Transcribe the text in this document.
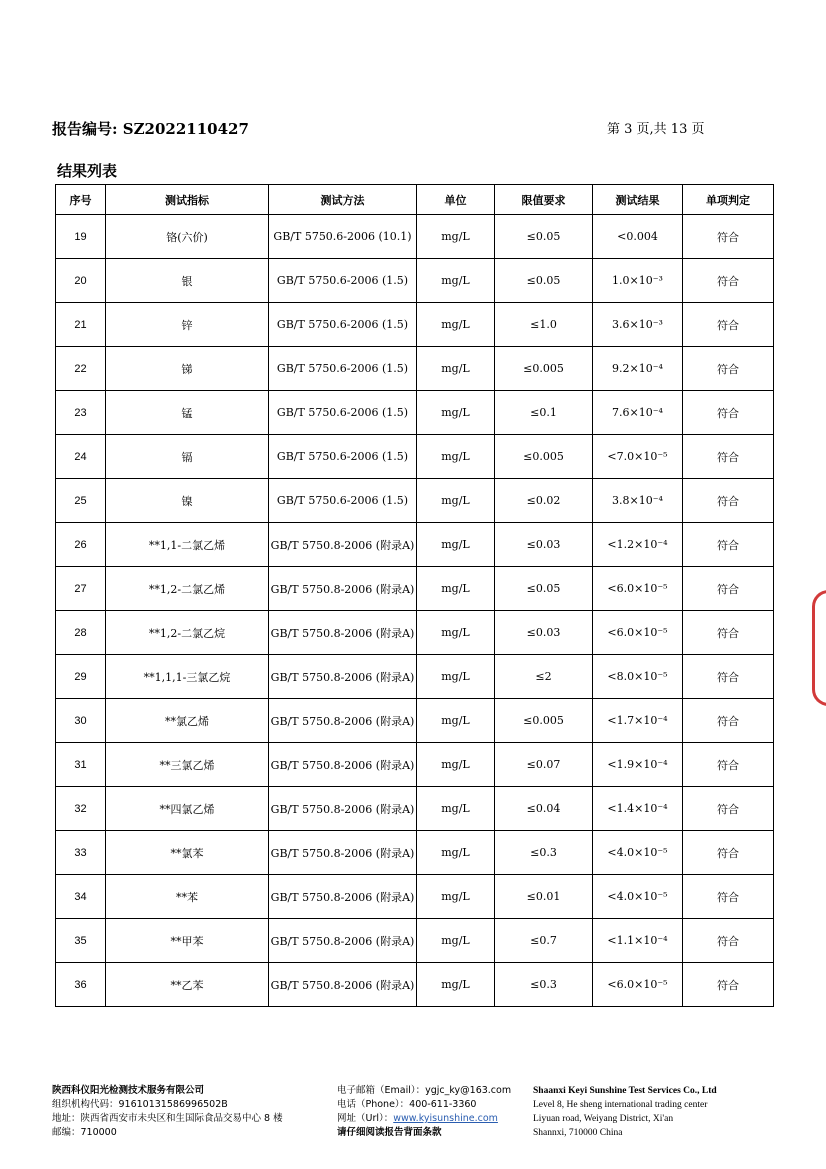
报告编号: SZ2022110427	第 3 页,共 13 页
结果列表
序号	测试指标	测试方法	单位	限值要求	测试结果	单项判定
19	铬(六价)	GB/T 5750.6-2006 (10.1)	mg/L	≤0.05	<0.004	符合
20	银	GB/T 5750.6-2006 (1.5)	mg/L	≤0.05	1.0×10⁻³	符合
21	锌	GB/T 5750.6-2006 (1.5)	mg/L	≤1.0	3.6×10⁻³	符合
22	锑	GB/T 5750.6-2006 (1.5)	mg/L	≤0.005	9.2×10⁻⁴	符合
23	锰	GB/T 5750.6-2006 (1.5)	mg/L	≤0.1	7.6×10⁻⁴	符合
24	镉	GB/T 5750.6-2006 (1.5)	mg/L	≤0.005	<7.0×10⁻⁵	符合
25	镍	GB/T 5750.6-2006 (1.5)	mg/L	≤0.02	3.8×10⁻⁴	符合
26	**1,1-二氯乙烯	GB/T 5750.8-2006 (附录A)	mg/L	≤0.03	<1.2×10⁻⁴	符合
27	**1,2-二氯乙烯	GB/T 5750.8-2006 (附录A)	mg/L	≤0.05	<6.0×10⁻⁵	符合
28	**1,2-二氯乙烷	GB/T 5750.8-2006 (附录A)	mg/L	≤0.03	<6.0×10⁻⁵	符合
29	**1,1,1-三氯乙烷	GB/T 5750.8-2006 (附录A)	mg/L	≤2	<8.0×10⁻⁵	符合
30	**氯乙烯	GB/T 5750.8-2006 (附录A)	mg/L	≤0.005	<1.7×10⁻⁴	符合
31	**三氯乙烯	GB/T 5750.8-2006 (附录A)	mg/L	≤0.07	<1.9×10⁻⁴	符合
32	**四氯乙烯	GB/T 5750.8-2006 (附录A)	mg/L	≤0.04	<1.4×10⁻⁴	符合
33	**氯苯	GB/T 5750.8-2006 (附录A)	mg/L	≤0.3	<4.0×10⁻⁵	符合
34	**苯	GB/T 5750.8-2006 (附录A)	mg/L	≤0.01	<4.0×10⁻⁵	符合
35	**甲苯	GB/T 5750.8-2006 (附录A)	mg/L	≤0.7	<1.1×10⁻⁴	符合
36	**乙苯	GB/T 5750.8-2006 (附录A)	mg/L	≤0.3	<6.0×10⁻⁵	符合
陕西科仪阳光检测技术服务有限公司
组织机构代码：91610131586996502B
地址：陕西省西安市未央区和生国际食品交易中心 8 楼
邮编：710000
电子邮箱（Email）：ygjc_ky@163.com
电话（Phone）：400-611-3360
网址（Url）：www.kyisunshine.com
请仔细阅读报告背面条款
Shaanxi Keyi Sunshine Test Services Co., Ltd
Level 8, He sheng international trading center
Liyuan road, Weiyang District, Xi'an
Shannxi, 710000 China
